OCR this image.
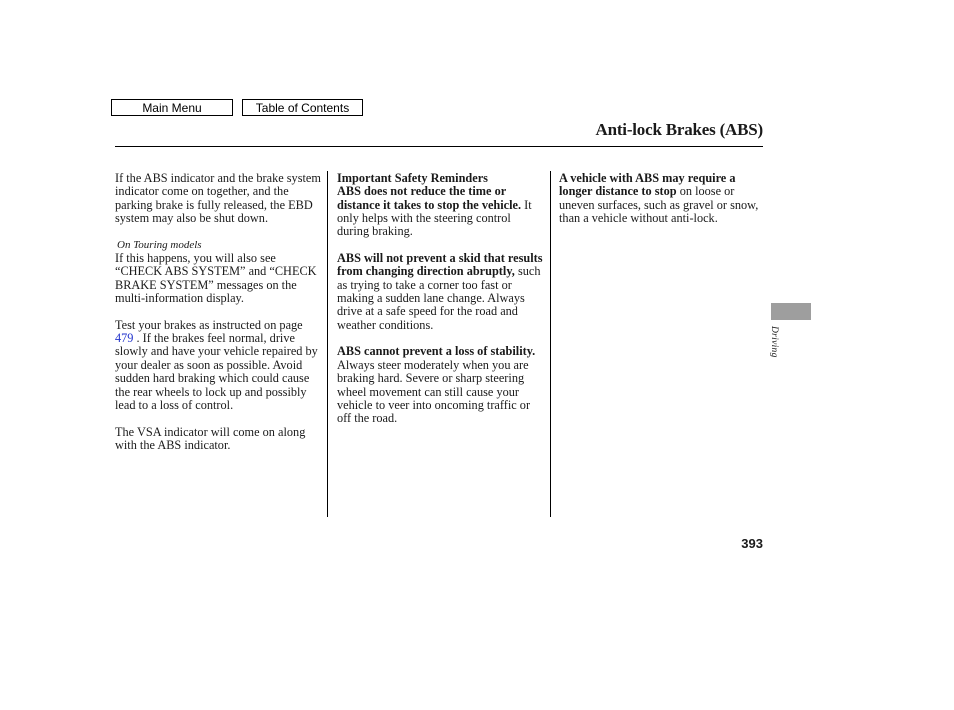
Main Menu	Table of Contents
Anti-lock Brakes (ABS)

If the ABS indicator and the brake system indicator come on together, and the parking brake is fully released, the EBD system may also be shut down.

On Touring models

If this happens, you will also see “CHECK ABS SYSTEM” and “CHECK BRAKE SYSTEM” messages on the multi-information display.

Test your brakes as instructed on page 479 . If the brakes feel normal, drive slowly and have your vehicle repaired by your dealer as soon as possible. Avoid sudden hard braking which could cause the rear wheels to lock up and possibly lead to a loss of control.

The VSA indicator will come on along with the ABS indicator.

Important Safety Reminders
ABS does not reduce the time or distance it takes to stop the vehicle. It only helps with the steering control during braking.

ABS will not prevent a skid that results from changing direction abruptly, such as trying to take a corner too fast or making a sudden lane change. Always drive at a safe speed for the road and weather conditions.

ABS cannot prevent a loss of stability. Always steer moderately when you are braking hard. Severe or sharp steering wheel movement can still cause your vehicle to veer into oncoming traffic or off the road.

A vehicle with ABS may require a longer distance to stop on loose or uneven surfaces, such as gravel or snow, than a vehicle without anti-lock.

Driving
393
